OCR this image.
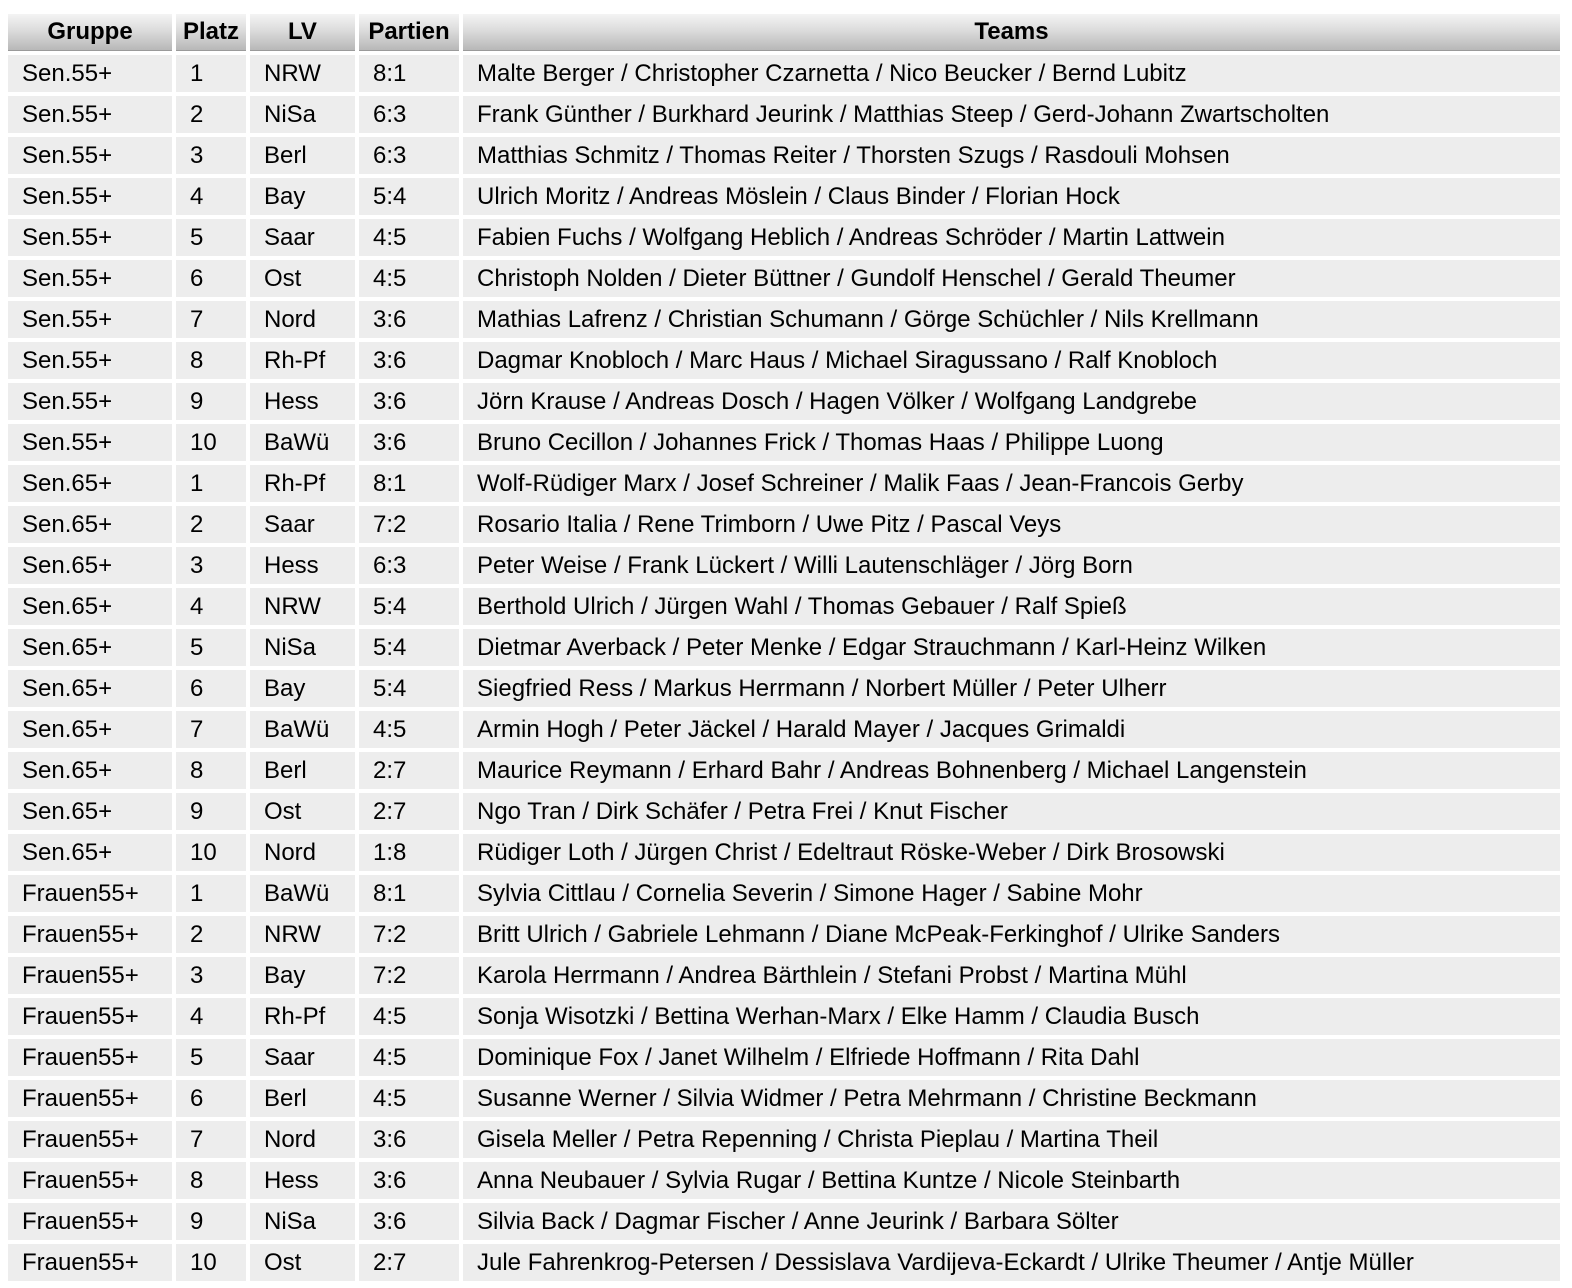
Gruppe	Platz	LV	Partien	Teams
Sen.55+	1	NRW	8:1	Malte Berger / Christopher Czarnetta / Nico Beucker / Bernd Lubitz
Sen.55+	2	NiSa	6:3	Frank Günther / Burkhard Jeurink / Matthias Steep / Gerd-Johann Zwartscholten
Sen.55+	3	Berl	6:3	Matthias Schmitz / Thomas Reiter / Thorsten Szugs / Rasdouli Mohsen
Sen.55+	4	Bay	5:4	Ulrich Moritz / Andreas Möslein / Claus Binder / Florian Hock
Sen.55+	5	Saar	4:5	Fabien Fuchs / Wolfgang Heblich / Andreas Schröder / Martin Lattwein
Sen.55+	6	Ost	4:5	Christoph Nolden / Dieter Büttner / Gundolf Henschel / Gerald Theumer
Sen.55+	7	Nord	3:6	Mathias Lafrenz / Christian Schumann / Görge Schüchler / Nils Krellmann
Sen.55+	8	Rh-Pf	3:6	Dagmar Knobloch / Marc Haus / Michael Siragussano / Ralf Knobloch
Sen.55+	9	Hess	3:6	Jörn Krause / Andreas Dosch / Hagen Völker / Wolfgang Landgrebe
Sen.55+	10	BaWü	3:6	Bruno Cecillon / Johannes Frick / Thomas Haas / Philippe Luong
Sen.65+	1	Rh-Pf	8:1	Wolf-Rüdiger Marx / Josef Schreiner / Malik Faas / Jean-Francois Gerby
Sen.65+	2	Saar	7:2	Rosario Italia / Rene Trimborn / Uwe Pitz / Pascal Veys
Sen.65+	3	Hess	6:3	Peter Weise / Frank Lückert / Willi Lautenschläger / Jörg Born
Sen.65+	4	NRW	5:4	Berthold Ulrich / Jürgen Wahl / Thomas Gebauer / Ralf Spieß
Sen.65+	5	NiSa	5:4	Dietmar Averback / Peter Menke / Edgar Strauchmann / Karl-Heinz Wilken
Sen.65+	6	Bay	5:4	Siegfried Ress / Markus Herrmann / Norbert Müller / Peter Ulherr
Sen.65+	7	BaWü	4:5	Armin Hogh / Peter Jäckel / Harald Mayer / Jacques Grimaldi
Sen.65+	8	Berl	2:7	Maurice Reymann / Erhard Bahr / Andreas Bohnenberg / Michael Langenstein
Sen.65+	9	Ost	2:7	Ngo Tran / Dirk Schäfer / Petra Frei / Knut Fischer
Sen.65+	10	Nord	1:8	Rüdiger Loth / Jürgen Christ / Edeltraut Röske-Weber / Dirk Brosowski
Frauen55+	1	BaWü	8:1	Sylvia Cittlau / Cornelia Severin / Simone Hager / Sabine Mohr
Frauen55+	2	NRW	7:2	Britt Ulrich / Gabriele Lehmann / Diane McPeak-Ferkinghof / Ulrike Sanders
Frauen55+	3	Bay	7:2	Karola Herrmann / Andrea Bärthlein / Stefani Probst / Martina Mühl
Frauen55+	4	Rh-Pf	4:5	Sonja Wisotzki / Bettina Werhan-Marx / Elke Hamm / Claudia Busch
Frauen55+	5	Saar	4:5	Dominique Fox / Janet Wilhelm / Elfriede Hoffmann / Rita Dahl
Frauen55+	6	Berl	4:5	Susanne Werner / Silvia Widmer / Petra Mehrmann / Christine Beckmann
Frauen55+	7	Nord	3:6	Gisela Meller / Petra Repenning / Christa Pieplau / Martina Theil
Frauen55+	8	Hess	3:6	Anna Neubauer / Sylvia Rugar / Bettina Kuntze / Nicole Steinbarth
Frauen55+	9	NiSa	3:6	Silvia Back / Dagmar Fischer / Anne Jeurink / Barbara Sölter
Frauen55+	10	Ost	2:7	Jule Fahrenkrog-Petersen / Dessislava Vardijeva-Eckardt / Ulrike Theumer / Antje Müller
